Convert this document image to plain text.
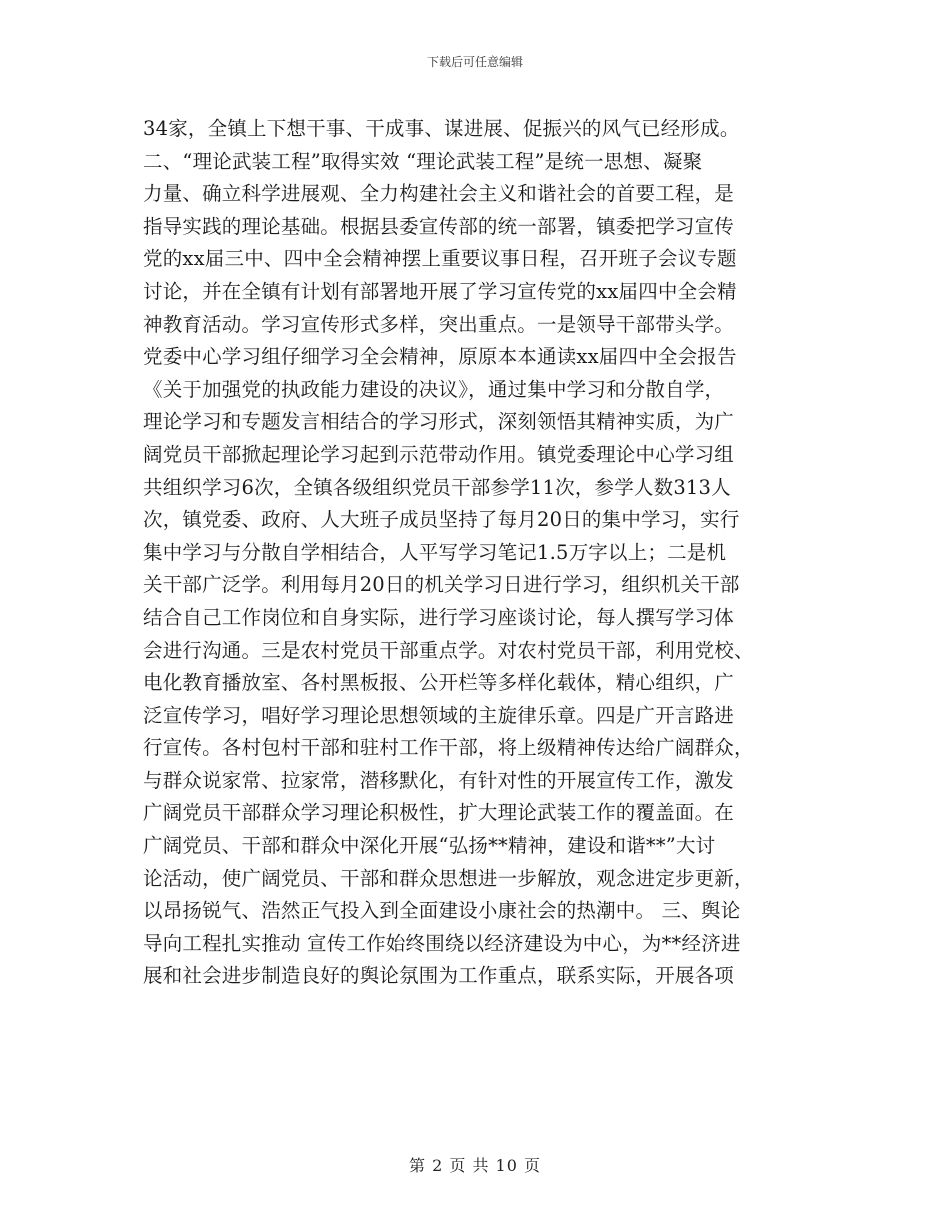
下载后可任意编辑
34家，全镇上下想干事、干成事、谋进展、促振兴的风气已经形成。
二、“理论武装工程”取得实效 “理论武装工程”是统一思想、凝聚
力量、确立科学进展观、全力构建社会主义和谐社会的首要工程，是
指导实践的理论基础。根据县委宣传部的统一部署，镇委把学习宣传
党的xx届三中、四中全会精神摆上重要议事日程，召开班子会议专题
讨论，并在全镇有计划有部署地开展了学习宣传党的xx届四中全会精
神教育活动。学习宣传形式多样，突出重点。一是领导干部带头学。
党委中心学习组仔细学习全会精神，原原本本通读xx届四中全会报告
《关于加强党的执政能力建设的决议》，通过集中学习和分散自学，
理论学习和专题发言相结合的学习形式，深刻领悟其精神实质，为广
阔党员干部掀起理论学习起到示范带动作用。镇党委理论中心学习组
共组织学习6次，全镇各级组织党员干部参学11次，参学人数313人
次，镇党委、政府、人大班子成员坚持了每月20日的集中学习，实行
集中学习与分散自学相结合，人平写学习笔记1.5万字以上；二是机
关干部广泛学。利用每月20日的机关学习日进行学习，组织机关干部
结合自己工作岗位和自身实际，进行学习座谈讨论，每人撰写学习体
会进行沟通。三是农村党员干部重点学。对农村党员干部，利用党校、
电化教育播放室、各村黑板报、公开栏等多样化载体，精心组织，广
泛宣传学习，唱好学习理论思想领域的主旋律乐章。四是广开言路进
行宣传。各村包村干部和驻村工作干部，将上级精神传达给广阔群众，
与群众说家常、拉家常，潜移默化，有针对性的开展宣传工作，激发
广阔党员干部群众学习理论积极性，扩大理论武装工作的覆盖面。在
广阔党员、干部和群众中深化开展“弘扬**精神，建设和谐**”大讨
论活动，使广阔党员、干部和群众思想进一步解放，观念进定步更新，
以昂扬锐气、浩然正气投入到全面建设小康社会的热潮中。 三、舆论
导向工程扎实推动 宣传工作始终围绕以经济建设为中心，为**经济进
展和社会进步制造良好的舆论氛围为工作重点，联系实际，开展各项
第 2 页 共 10 页
